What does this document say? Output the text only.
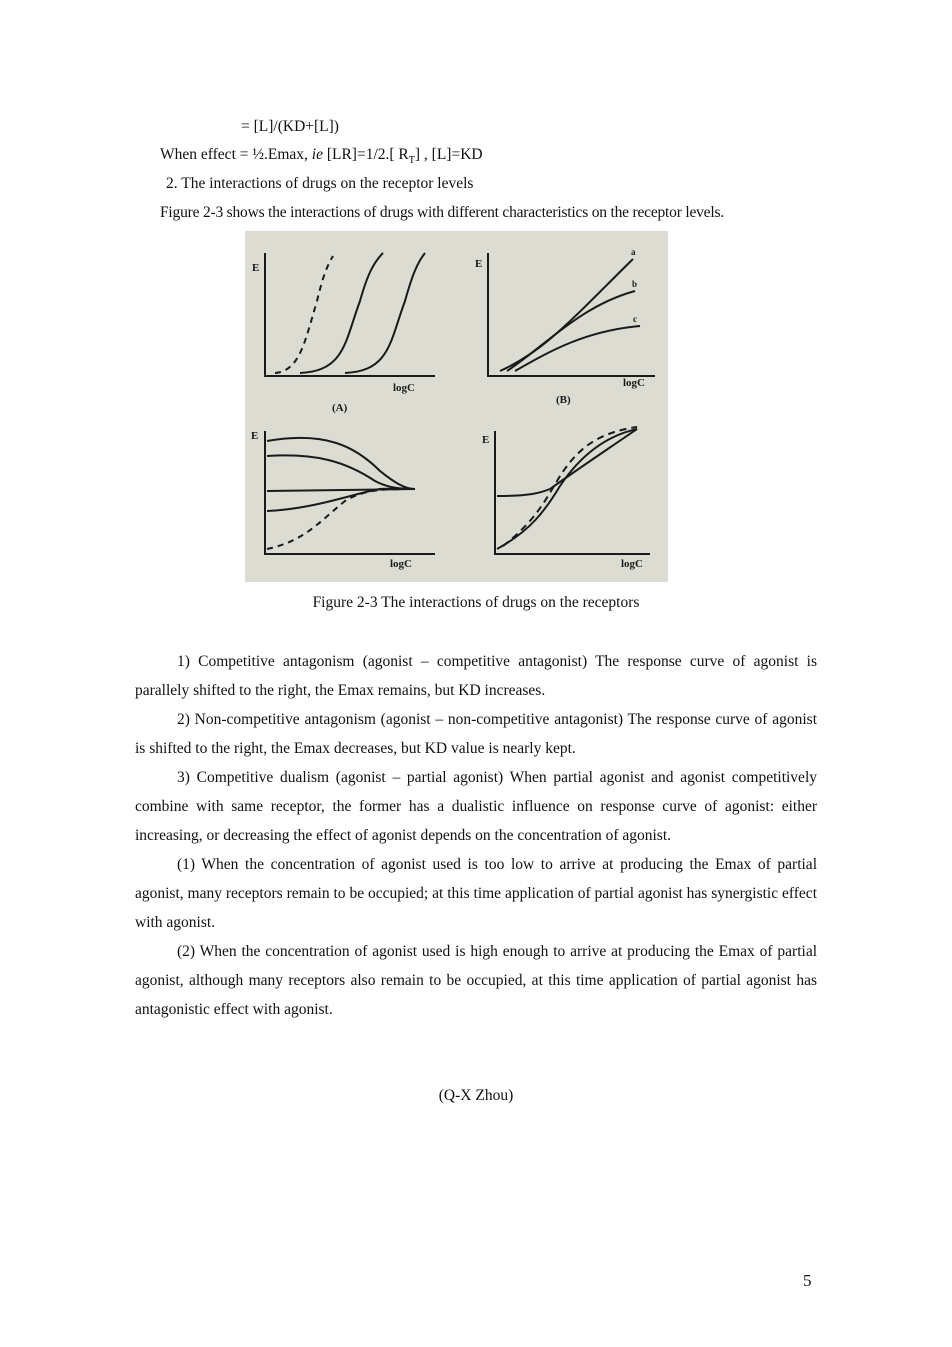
= [L]/(KD+[L])
When effect = ½.Emax, ie [LR]=1/2.[ $R_T$] , [L]=KD
2. The interactions of drugs on the receptor levels
Figure 2-3 shows the interactions of drugs with different characteristics on the receptor levels.
E
logC
(A)
E
logC
(B)
a
b
c
E
logC
E
logC
Figure 2-3 The interactions of drugs on the receptors

1) Competitive antagonism (agonist – competitive antagonist) The response curve of agonist is parallely shifted to the right, the Emax remains, but KD increases.

2) Non-competitive antagonism (agonist – non-competitive antagonist) The response curve of agonist is shifted to the right, the Emax decreases, but KD value is nearly kept.

3) Competitive dualism (agonist – partial agonist) When partial agonist and agonist competitively combine with same receptor, the former has a dualistic influence on response curve of agonist: either increasing, or decreasing the effect of agonist depends on the concentration of agonist.

(1) When the concentration of agonist used is too low to arrive at producing the Emax of partial agonist, many receptors remain to be occupied; at this time application of partial agonist has synergistic effect with agonist.

(2) When the concentration of agonist used is high enough to arrive at producing the Emax of partial agonist, although many receptors also remain to be occupied, at this time application of partial agonist has antagonistic effect with agonist.

(Q-X Zhou)
5
